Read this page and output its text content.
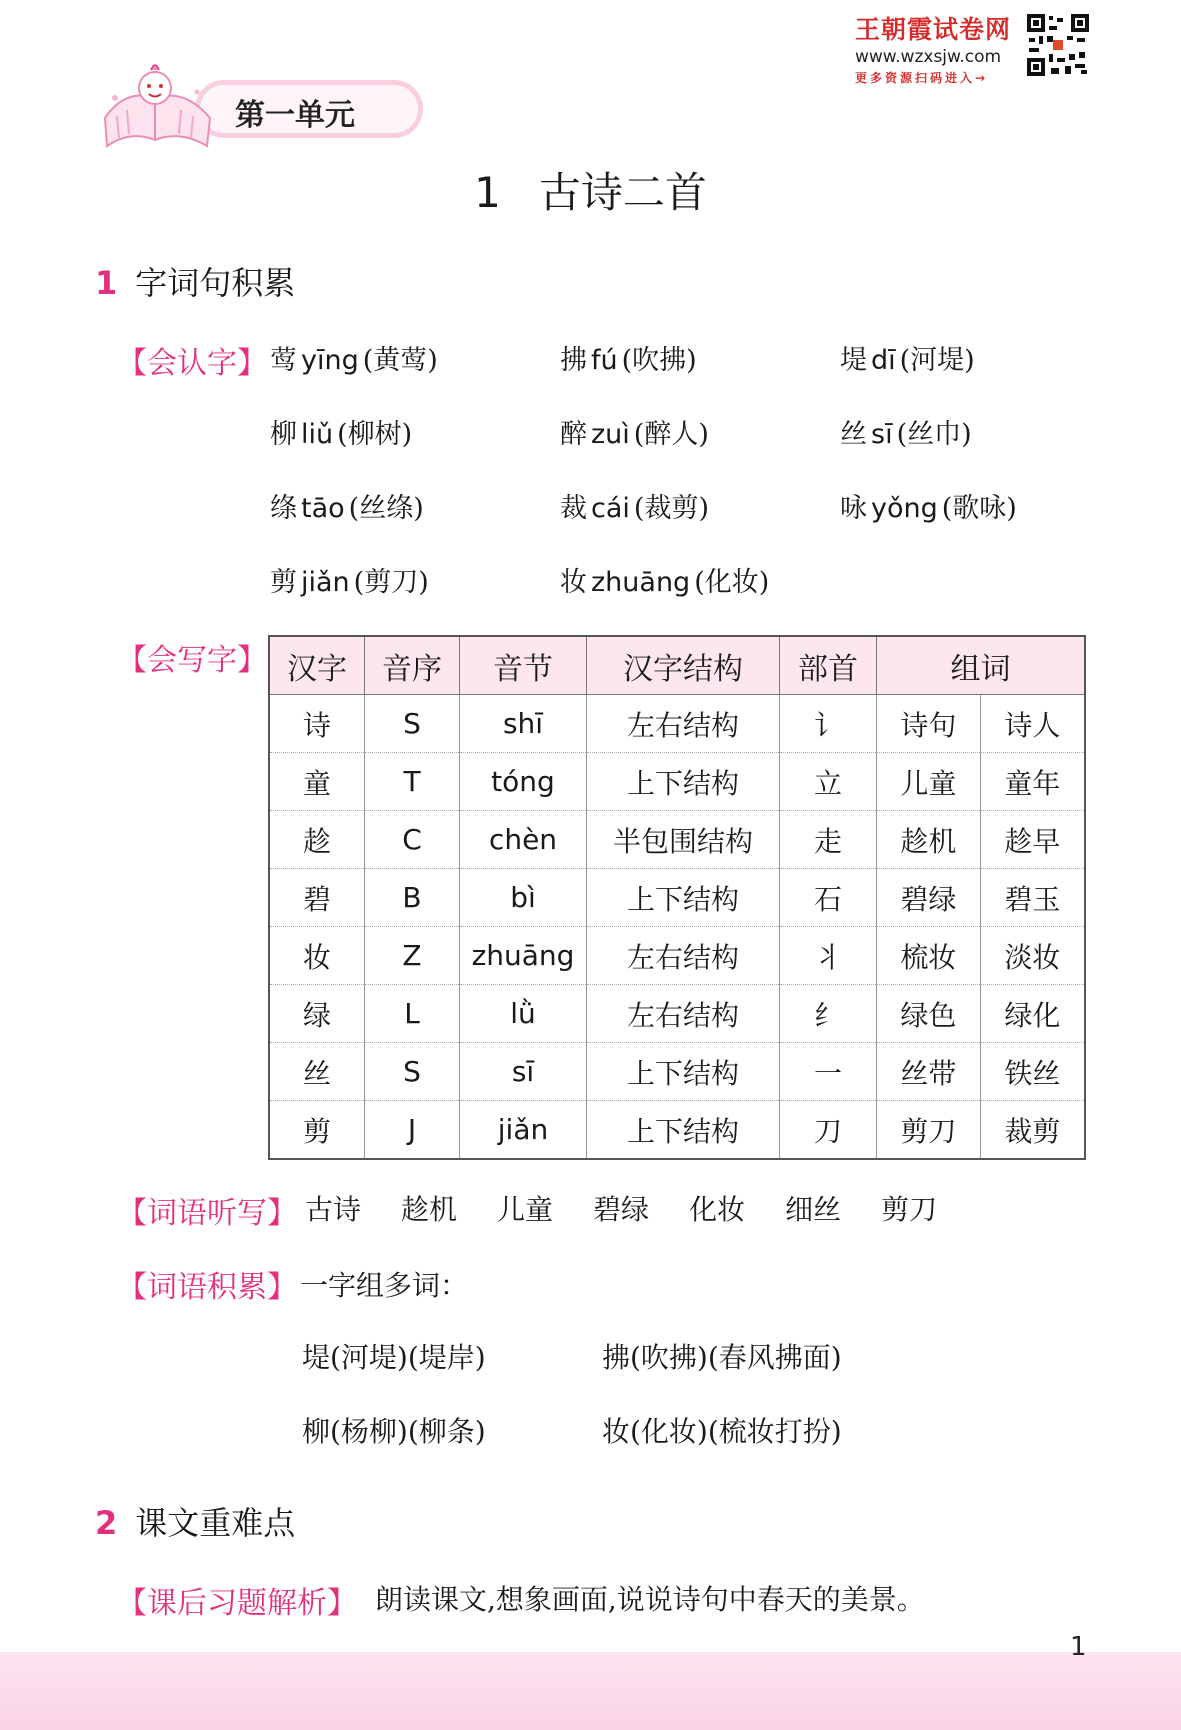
王朝霞试卷网
www.wzxsjw.com
更多资源扫码进入→
第一单元
1 古诗二首
1 字词句积累
【会认字】 莺 yīng (黄莺)	拂 fú (吹拂)	堤 dī (河堤)
柳 liǔ (柳树)	醉 zuì (醉人)	丝 sī (丝巾)
绦 tāo (丝绦)	裁 cái (裁剪)	咏 yǒng (歌咏)
剪 jiǎn (剪刀)	妆 zhuāng (化妆)
【会写字】 汉字	音序	音节	汉字结构	部首	组词	
诗	S	shī	左右结构	讠	诗句	诗人
童	T	tóng	上下结构	立	儿童	童年
趁	C	chèn	半包围结构	走	趁机	趁早
碧	B	bì	上下结构	石	碧绿	碧玉
妆	Z	zhuāng	左右结构	丬	梳妆	淡妆
绿	L	lǜ	左右结构	纟	绿色	绿化
丝	S	sī	上下结构	一	丝带	铁丝
剪	J	jiǎn	上下结构	刀	剪刀	裁剪
【词语听写】 古诗 趁机 儿童 碧绿 化妆 细丝 剪刀
【词语积累】 一字组多词：
堤(河堤)(堤岸)	拂(吹拂)(春风拂面)
柳(杨柳)(柳条)	妆(化妆)(梳妆打扮)
2 课文重难点
【课后习题解析】 朗读课文,想象画面,说说诗句中春天的美景。
1
